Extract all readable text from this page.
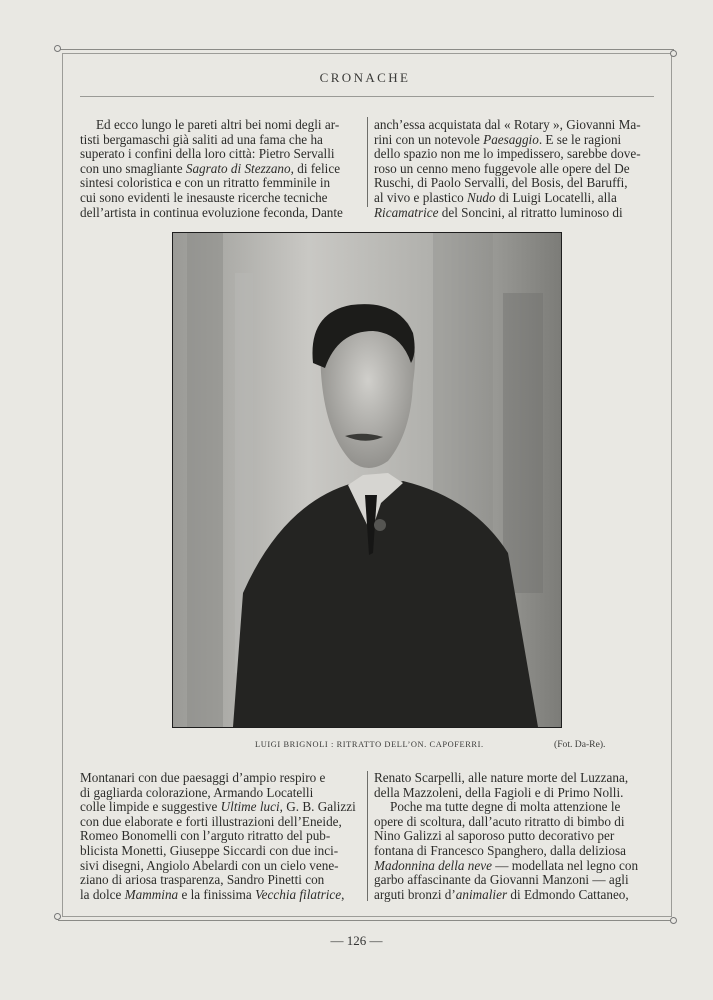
CRONACHE

Ed ecco lungo le pareti altri bei nomi degli ar-
tisti bergamaschi già saliti ad una fama che ha
superato i confini della loro città: Pietro Servalli
con uno smagliante Sagrato di Stezzano, di felice
sintesi coloristica e con un ritratto femminile in
cui sono evidenti le inesauste ricerche tecniche
dell’artista in continua evoluzione feconda, Dante

anch’essa acquistata dal « Rotary », Giovanni Ma-
rini con un notevole Paesaggio. E se le ragioni
dello spazio non me lo impedissero, sarebbe dove-
roso un cenno meno fuggevole alle opere del De
Ruschi, di Paolo Servalli, del Bosis, del Baruffi,
al vivo e plastico Nudo di Luigi Locatelli, alla
Ricamatrice del Soncini, al ritratto luminoso di

LUIGI BRIGNOLI : RITRATTO DELL’ON. CAPOFERRI.	(Fot. Da-Re).

Montanari con due paesaggi d’ampio respiro e
di gagliarda colorazione, Armando Locatelli
colle limpide e suggestive Ultime luci, G. B. Galizzi
con due elaborate e forti illustrazioni dell’Eneide,
Romeo Bonomelli con l’arguto ritratto del pub-
blicista Monetti, Giuseppe Siccardi con due inci-
sivi disegni, Angiolo Abelardi con un cielo vene-
ziano di ariosa trasparenza, Sandro Pinetti con
la dolce Mammina e la finissima Vecchia filatrice,

Renato Scarpelli, alle nature morte del Luzzana,
della Mazzoleni, della Fagioli e di Primo Nolli.

Poche ma tutte degne di molta attenzione le
opere di scoltura, dall’acuto ritratto di bimbo di
Nino Galizzi al saporoso putto decorativo per
fontana di Francesco Spanghero, dalla deliziosa
Madonnina della neve — modellata nel legno con
garbo affascinante da Giovanni Manzoni — agli
arguti bronzi d’animalier di Edmondo Cattaneo,

— 126 —
